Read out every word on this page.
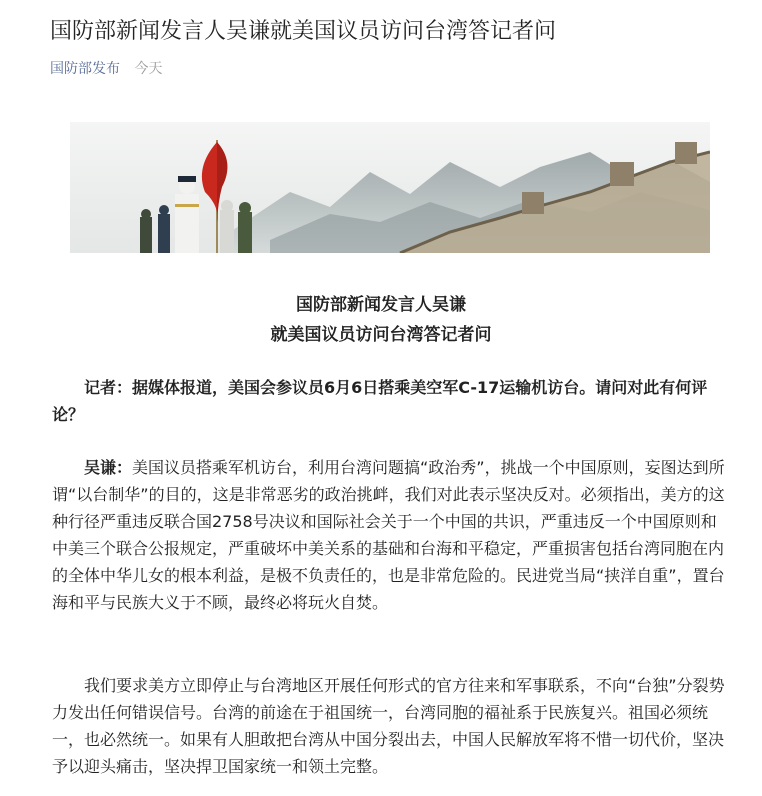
国防部新闻发言人吴谦就美国议员访问台湾答记者问
国防部发布 今天
国防部新闻发言人吴谦
就美国议员访问台湾答记者问

记者：据媒体报道，美国会参议员6月6日搭乘美空军C-17运输机访台。请问对此有何评论？

吴谦：美国议员搭乘军机访台，利用台湾问题搞“政治秀”，挑战一个中国原则，妄图达到所谓“以台制华”的目的，这是非常恶劣的政治挑衅，我们对此表示坚决反对。必须指出，美方的这种行径严重违反联合国2758号决议和国际社会关于一个中国的共识，严重违反一个中国原则和中美三个联合公报规定，严重破坏中美关系的基础和台海和平稳定，严重损害包括台湾同胞在内的全体中华儿女的根本利益，是极不负责任的，也是非常危险的。民进党当局“挟洋自重”，置台海和平与民族大义于不顾，最终必将玩火自焚。

我们要求美方立即停止与台湾地区开展任何形式的官方往来和军事联系，不向“台独”分裂势力发出任何错误信号。台湾的前途在于祖国统一，台湾同胞的福祉系于民族复兴。祖国必须统一，也必然统一。如果有人胆敢把台湾从中国分裂出去，中国人民解放军将不惜一切代价，坚决予以迎头痛击，坚决捍卫国家统一和领土完整。
